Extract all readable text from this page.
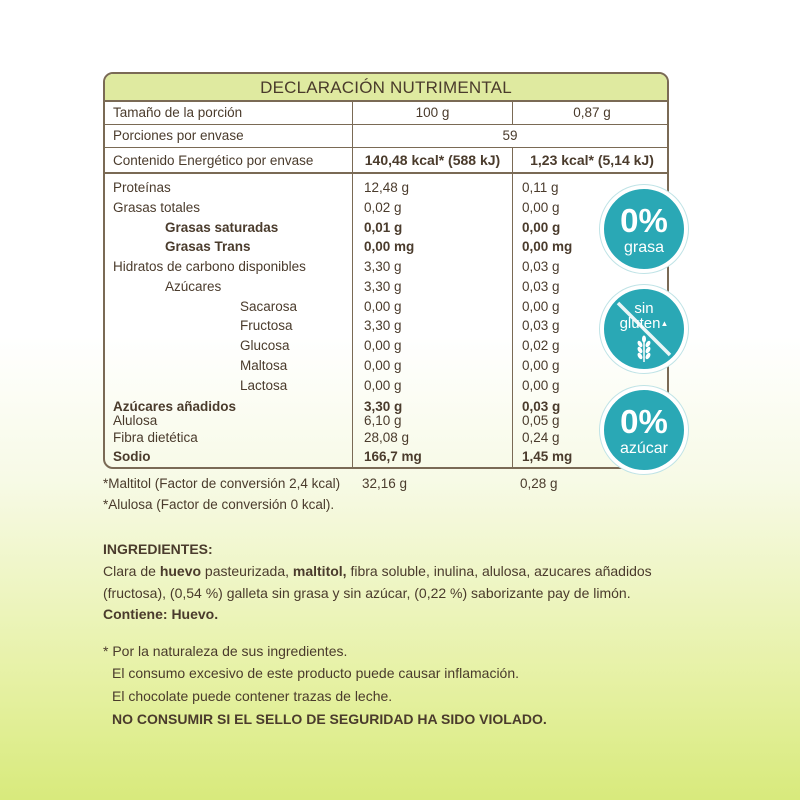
DECLARACIÓN NUTRIMENTAL
Tamaño de la porción	100 g	0,87 g
Porciones por envase	59
Contenido Energético por envase	140,48 kcal* (588 kJ)	1,23 kcal* (5,14 kJ)
Proteínas	12,48 g	0,11 g
Grasas totales	0,02 g	0,00 g
Grasas saturadas	0,01 g	0,00 g
Grasas Trans	0,00 mg	0,00 mg
Hidratos de carbono disponibles	3,30 g	0,03 g
Azúcares	3,30 g	0,03 g
Sacarosa	0,00 g	0,00 g
Fructosa	3,30 g	0,03 g
Glucosa	0,00 g	0,02 g
Maltosa	0,00 g	0,00 g
Lactosa	0,00 g	0,00 g
Azúcares añadidos	3,30 g	0,03 g
Alulosa	6,10 g	0,05 g
Fibra dietética	28,08 g	0,24 g
Sodio	166,7 mg	1,45 mg
*Maltitol (Factor de conversión 2,4 kcal) 32,16 g	0,28 g
*Alulosa (Factor de conversión 0 kcal).
0%
grasa
sin
gluten▲
0%
azúcar
INGREDIENTES:
Clara de huevo pasteurizada, maltitol, fibra soluble, inulina, alulosa, azucares añadidos
(fructosa), (0,54 %) galleta sin grasa y sin azúcar, (0,22 %) saborizante pay de limón.
Contiene: Huevo.
* Por la naturaleza de sus ingredientes.
El consumo excesivo de este producto puede causar inflamación.
El chocolate puede contener trazas de leche.
NO CONSUMIR SI EL SELLO DE SEGURIDAD HA SIDO VIOLADO.
